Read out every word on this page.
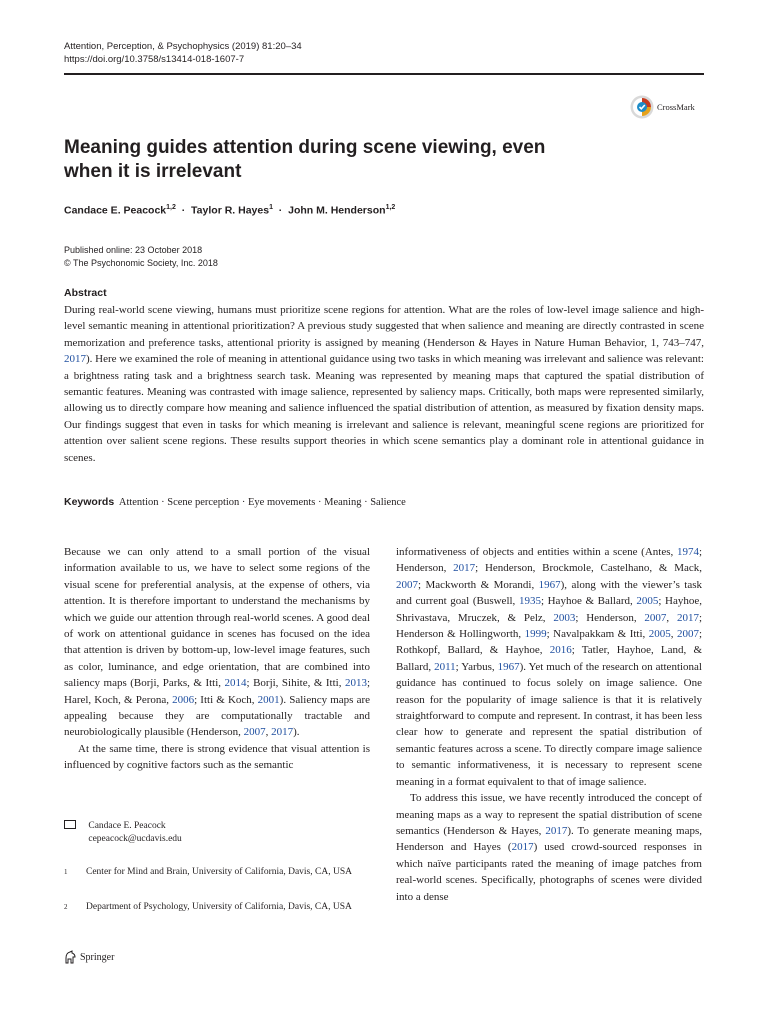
Attention, Perception, & Psychophysics (2019) 81:20–34
https://doi.org/10.3758/s13414-018-1607-7
CrossMark
Meaning guides attention during scene viewing, even when it is irrelevant
Candace E. Peacock$^{1,2}$  ·  Taylor R. Hayes$^1$  ·  John M. Henderson$^{1,2}$
Published online: 23 October 2018
© The Psychonomic Society, Inc. 2018
Abstract
During real-world scene viewing, humans must prioritize scene regions for attention. What are the roles of low-level image salience and high-level semantic meaning in attentional prioritization? A previous study suggested that when salience and meaning are directly contrasted in scene memorization and preference tasks, attentional priority is assigned by meaning (Henderson & Hayes in Nature Human Behavior, 1, 743–747, 2017). Here we examined the role of meaning in attentional guidance using two tasks in which meaning was irrelevant and salience was relevant: a brightness rating task and a brightness search task. Meaning was represented by meaning maps that captured the spatial distribution of semantic features. Meaning was contrasted with image salience, represented by saliency maps. Critically, both maps were represented similarly, allowing us to directly compare how meaning and salience influenced the spatial distribution of attention, as measured by fixation density maps. Our findings suggest that even in tasks for which meaning is irrelevant and salience is relevant, meaningful scene regions are prioritized for attention over salient scene regions. These results support theories in which scene semantics play a dominant role in attentional guidance in scenes.
Keywords Attention · Scene perception · Eye movements · Meaning · Salience

Because we can only attend to a small portion of the visual information available to us, we have to select some regions of the visual scene for preferential analysis, at the expense of others, via attention. It is therefore important to understand the mechanisms by which we guide our attention through real-world scenes. A good deal of work on attentional guidance in scenes has focused on the idea that attention is driven by bottom-up, low-level image features, such as color, luminance, and edge orientation, that are combined into saliency maps (Borji, Parks, & Itti, 2014; Borji, Sihite, & Itti, 2013; Harel, Koch, & Perona, 2006; Itti & Koch, 2001). Saliency maps are appealing because they are computationally tractable and neurobiologically plausible (Henderson, 2007, 2017).

At the same time, there is strong evidence that visual attention is influenced by cognitive factors such as the semantic

informativeness of objects and entities within a scene (Antes, 1974; Henderson, 2017; Henderson, Brockmole, Castelhano, & Mack, 2007; Mackworth & Morandi, 1967), along with the viewer’s task and current goal (Buswell, 1935; Hayhoe & Ballard, 2005; Hayhoe, Shrivastava, Mruczek, & Pelz, 2003; Henderson, 2007, 2017; Henderson & Hollingworth, 1999; Navalpakkam & Itti, 2005, 2007; Rothkopf, Ballard, & Hayhoe, 2016; Tatler, Hayhoe, Land, & Ballard, 2011; Yarbus, 1967). Yet much of the research on attentional guidance has continued to focus solely on image salience. One reason for the popularity of image salience is that it is relatively straightforward to compute and represent. In contrast, it has been less clear how to generate and represent the spatial distribution of semantic features across a scene. To directly compare image salience to semantic informativeness, it is necessary to represent scene meaning in a format equivalent to that of image salience.

To address this issue, we have recently introduced the concept of meaning maps as a way to represent the spatial distribution of scene semantics (Henderson & Hayes, 2017). To generate meaning maps, Henderson and Hayes (2017) used crowd-sourced responses in which naïve participants rated the meaning of image patches from real-world scenes. Specifically, photographs of scenes were divided into a dense

Candace E. Peacock
cepeacock@ucdavis.edu
1	Center for Mind and Brain, University of California, Davis, CA, USA
2	Department of Psychology, University of California, Davis, CA, USA
Springer
